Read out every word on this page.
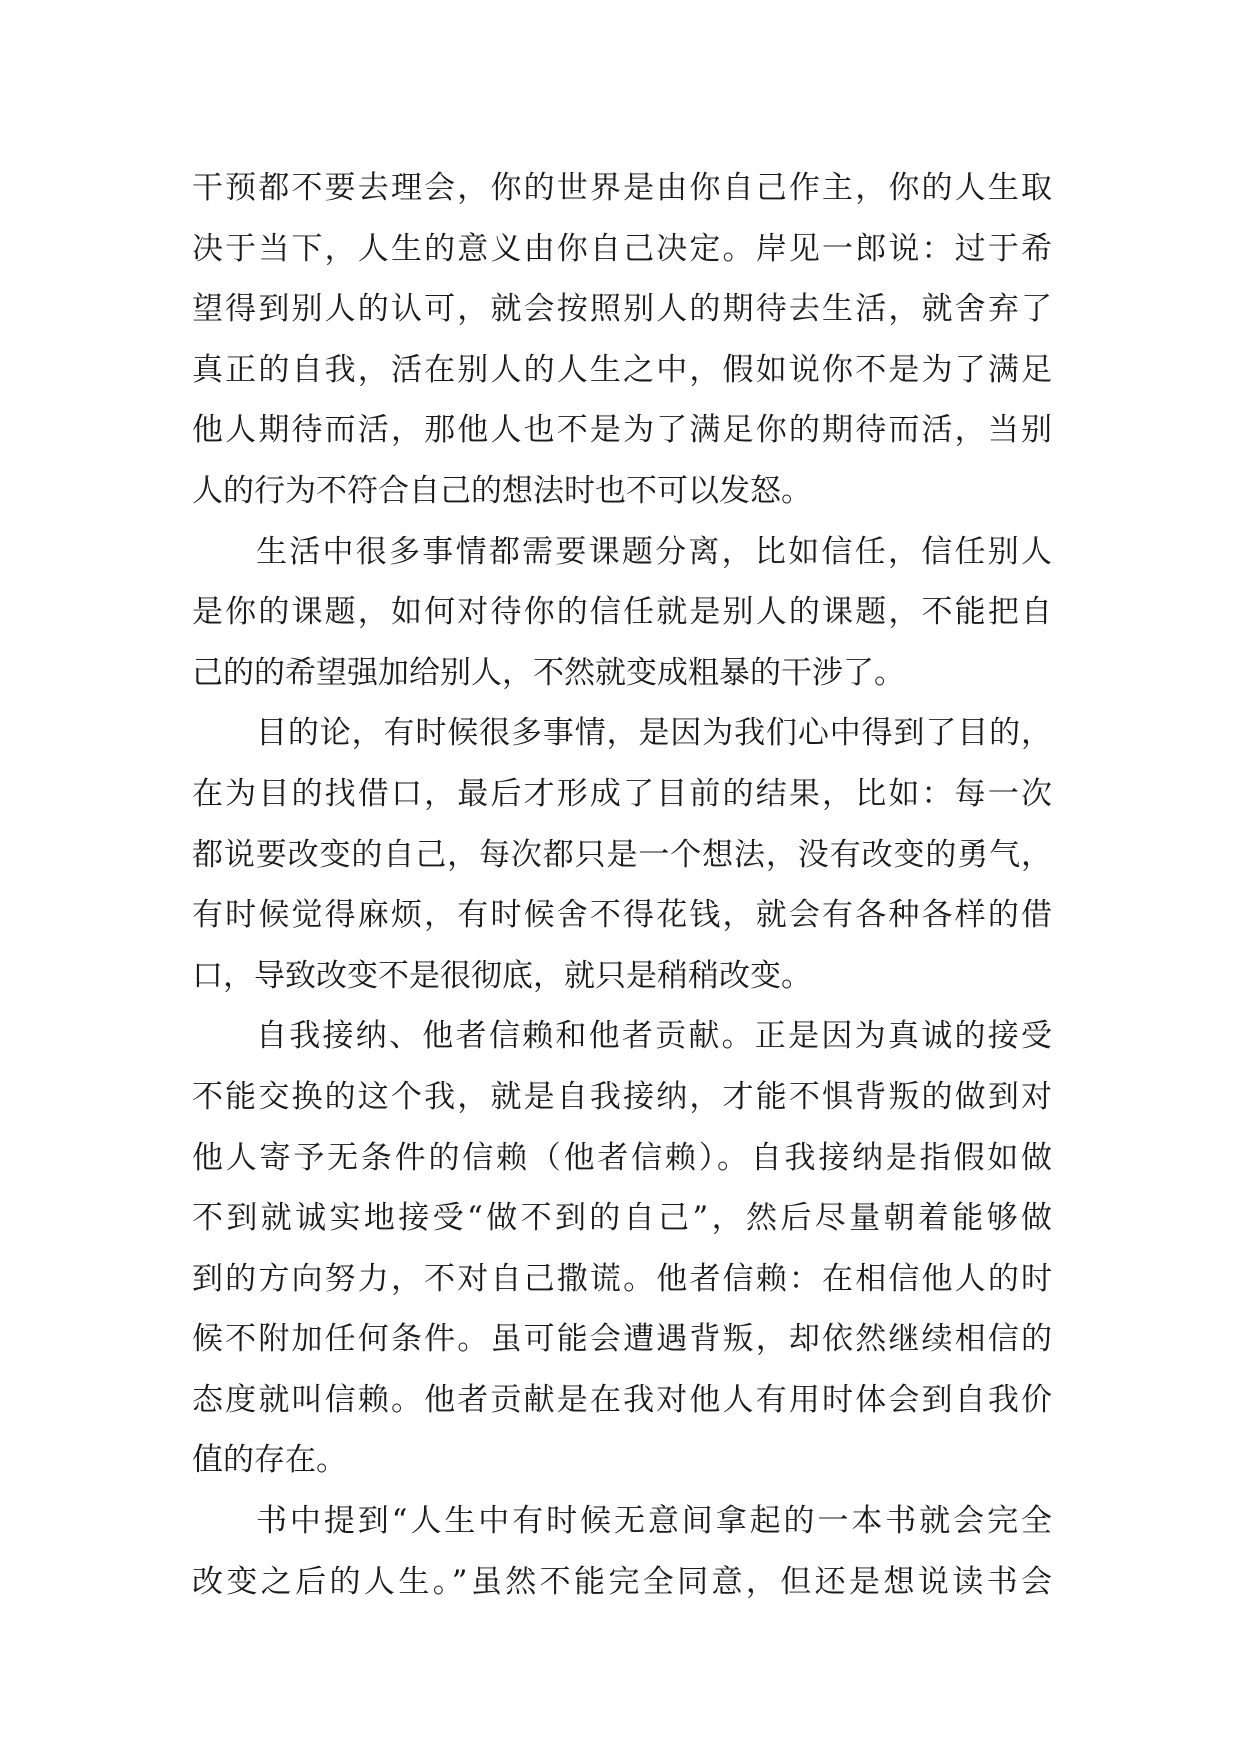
干预都不要去理会，你的世界是由你自己作主，你的人生取
决于当下，人生的意义由你自己决定。岸见一郎说：过于希
望得到别人的认可，就会按照别人的期待去生活，就舍弃了
真正的自我，活在别人的人生之中，假如说你不是为了满足
他人期待而活，那他人也不是为了满足你的期待而活，当别
人的行为不符合自己的想法时也不可以发怒。
生活中很多事情都需要课题分离，比如信任，信任别人
是你的课题，如何对待你的信任就是别人的课题，不能把自
己的的希望强加给别人，不然就变成粗暴的干涉了。
目的论，有时候很多事情，是因为我们心中得到了目的，
在为目的找借口，最后才形成了目前的结果，比如：每一次
都说要改变的自己，每次都只是一个想法，没有改变的勇气，
有时候觉得麻烦，有时候舍不得花钱，就会有各种各样的借
口，导致改变不是很彻底，就只是稍稍改变。
自我接纳、他者信赖和他者贡献。正是因为真诚的接受
不能交换的这个我，就是自我接纳，才能不惧背叛的做到对
他人寄予无条件的信赖（他者信赖）。自我接纳是指假如做
不到就诚实地接受“做不到的自己”，然后尽量朝着能够做
到的方向努力，不对自己撒谎。他者信赖：在相信他人的时
候不附加任何条件。虽可能会遭遇背叛，却依然继续相信的
态度就叫信赖。他者贡献是在我对他人有用时体会到自我价
值的存在。
书中提到“人生中有时候无意间拿起的一本书就会完全
改变之后的人生。”虽然不能完全同意，但还是想说读书会
